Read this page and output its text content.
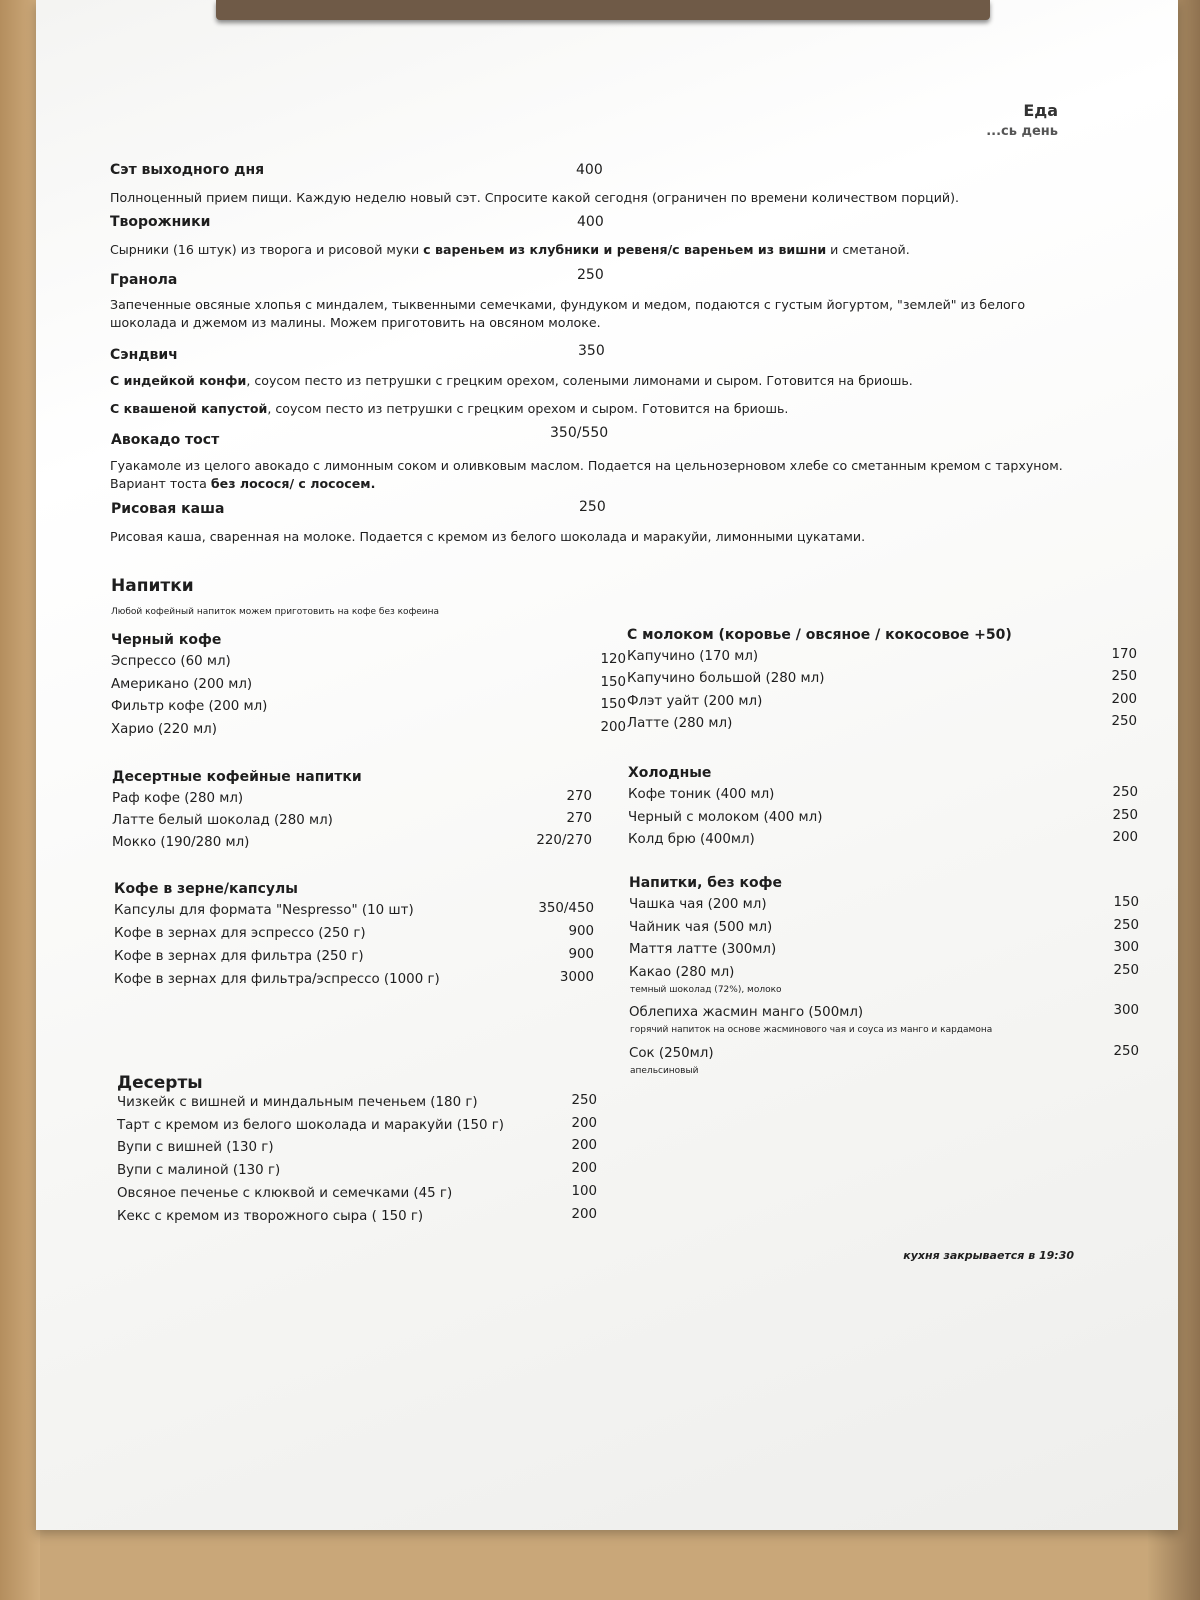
Еда
...сь день
Сэт выходного дня	400
Полноценный прием пищи. Каждую неделю новый сэт. Спросите какой сегодня (ограничен по времени количеством порций).
Творожники	400
Сырники (16 штук) из творога и рисовой муки с вареньем из клубники и ревеня/с вареньем из вишни и сметаной.
Гранола	250
Запеченные овсяные хлопья с миндалем, тыквенными семечками, фундуком и медом, подаются с густым йогуртом, "землей" из белого шоколада и джемом из малины. Можем приготовить на овсяном молоке.
Сэндвич	350
С индейкой конфи, соусом песто из петрушки с грецким орехом, солеными лимонами и сыром. Готовится на бриошь.
С квашеной капустой, соусом песто из петрушки с грецким орехом и сыром. Готовится на бриошь.
Авокадо тост	350/550
Гуакамоле из целого авокадо с лимонным соком и оливковым маслом. Подается на цельнозерновом хлебе со сметанным кремом с тархуном. Вариант тоста без лосося/ с лососем.
Рисовая каша	250
Рисовая каша, сваренная на молоке. Подается с кремом из белого шоколада и маракуйи, лимонными цукатами.
Напитки
Любой кофейный напиток можем приготовить на кофе без кофеина
Черный кофе
Эспрессо (60 мл)	120
Американо (200 мл)	150
Фильтр кофе (200 мл)	150
Харио (220 мл)	200
Десертные кофейные напитки
Раф кофе (280 мл)	270
Латте белый шоколад (280 мл)	270
Мокко (190/280 мл)	220/270
Кофе в зерне/капсулы
Капсулы для формата "Nespresso" (10 шт)	350/450
Кофе в зернах для эспрессо (250 г)	900
Кофе в зернах для фильтра (250 г)	900
Кофе в зернах для фильтра/эспрессо (1000 г)	3000
С молоком (коровье / овсяное / кокосовое +50)
Капучино (170 мл)	170
Капучино большой (280 мл)	250
Флэт уайт (200 мл)	200
Латте (280 мл)	250
Холодные
Кофе тоник (400 мл)	250
Черный с молоком (400 мл)	250
Колд брю (400мл)	200
Напитки, без кофе
Чашка чая (200 мл)	150
Чайник чая (500 мл)	250
Маття латте (300мл)	300
Какао (280 мл)	250
темный шоколад (72%), молоко
Облепиха жасмин манго (500мл)	300
горячий напиток на основе жасминового чая и соуса из манго и кардамона
Сок (250мл)	250
апельсиновый
Десерты
Чизкейк с вишней и миндальным печеньем (180 г)	250
Тарт с кремом из белого шоколада и маракуйи (150 г)	200
Вупи с вишней (130 г)	200
Вупи с малиной (130 г)	200
Овсяное печенье с клюквой и семечками (45 г)	100
Кекс с кремом из творожного сыра ( 150 г)	200
кухня закрывается в 19:30
